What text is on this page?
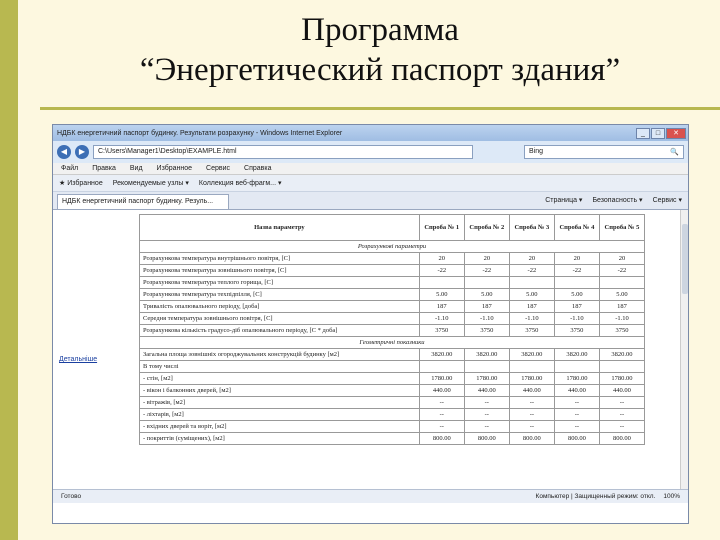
Программа
“Энергетический паспорт здания”
НДБК енергетичний паспорт будинку. Результати розрахунку - Windows Internet Explorer	_	□	✕
◀	▶	C:\Users\Manager1\Desktop\EXAMPLE.html	Bing	🔍
Файл Правка Вид Избранное Сервис Справка
★ Избранное Рекомендуемые узлы ▾ Коллекция веб-фрагм... ▾
НДБК енергетичний паспорт будинку. Резуль...	Страница ▾ Безопасность ▾ Сервис ▾
Детальніше
Назва параметру	Спроба № 1	Спроба № 2	Спроба № 3	Спроба № 4	Спроба № 5
Розрахункові параметри					
Розрахункова температура внутрішнього повітря, [С]	20	20	20	20	20
Розрахункова температура зовнішнього повітря, [С]	-22	-22	-22	-22	-22
Розрахункова температура теплого горища, [С]					
Розрахункова температура техпідпілля, [С]	5.00	5.00	5.00	5.00	5.00
Тривалість опалювального періоду, [доба]	187	187	187	187	187
Середня температура зовнішнього повітря, [С]	-1.10	-1.10	-1.10	-1.10	-1.10
Розрахункова кількість градусо-діб опалювального періоду, [С * доба]	3750	3750	3750	3750	3750
Геометричні показники					
Загальна площа зовнішніх огороджувальних конструкцій будинку [м2]	3820.00	3820.00	3820.00	3820.00	3820.00
В тому числі					
- стін, [м2]	1780.00	1780.00	1780.00	1780.00	1780.00
- вікон і балконних дверей, [м2]	440.00	440.00	440.00	440.00	440.00
- вітражів, [м2]	--	--	--	--	--
- ліхтарів, [м2]	--	--	--	--	--
- вхідних дверей та воріт, [м2]	--	--	--	--	--
- покриттів (суміщених), [м2]	800.00	800.00	800.00	800.00	800.00
Готово	Компьютер | Защищенный режим: откл. 100%
